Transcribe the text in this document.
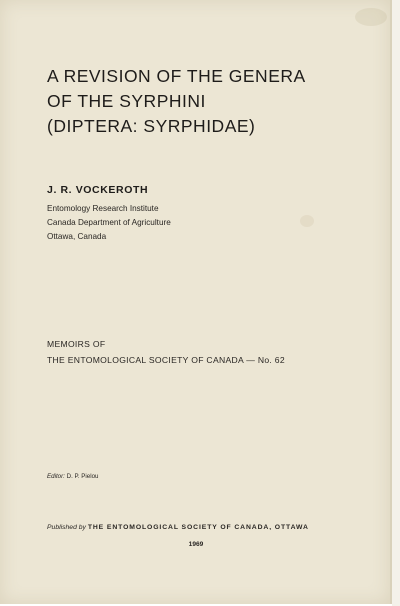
A REVISION OF THE GENERA
OF THE SYRPHINI
(DIPTERA: SYRPHIDAE)
J. R. VOCKEROTH
Entomology Research Institute
Canada Department of Agriculture
Ottawa, Canada
MEMOIRS OF
THE ENTOMOLOGICAL SOCIETY OF CANADA — No. 62
Editor: D. P. Pielou
Published by THE ENTOMOLOGICAL SOCIETY OF CANADA, OTTAWA
1969
